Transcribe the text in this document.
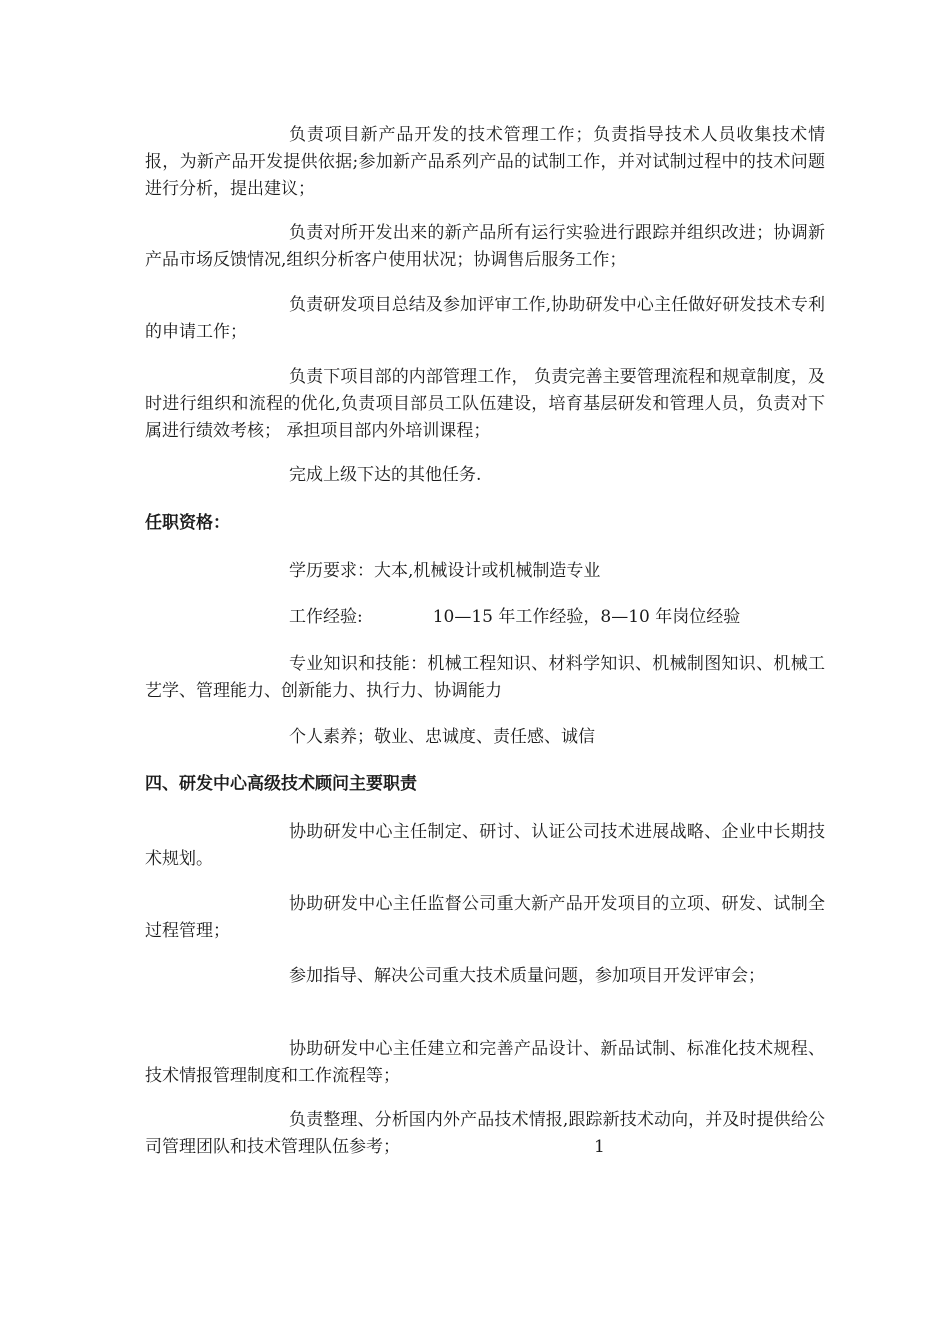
负责项目新产品开发的技术管理工作；负责指导技术人员收集技术情报，为新产品开发提供依据;参加新产品系列产品的试制工作，并对试制过程中的技术问题进行分析，提出建议；

负责对所开发出来的新产品所有运行实验进行跟踪并组织改进；协调新产品市场反馈情况,组织分析客户使用状况；协调售后服务工作；

负责研发项目总结及参加评审工作,协助研发中心主任做好研发技术专利的申请工作；

负责下项目部的内部管理工作， 负责完善主要管理流程和规章制度，及时进行组织和流程的优化,负责项目部员工队伍建设，培育基层研发和管理人员，负责对下属进行绩效考核； 承担项目部内外培训课程；

完成上级下达的其他任务.

任职资格：

学历要求：大本,机械设计或机械制造专业

工作经验:	10—15 年工作经验，8—10 年岗位经验

专业知识和技能：机械工程知识、材料学知识、机械制图知识、机械工艺学、管理能力、创新能力、执行力、协调能力

个人素养；敬业、忠诚度、责任感、诚信

四、研发中心高级技术顾问主要职责

协助研发中心主任制定、研讨、认证公司技术进展战略、企业中长期技术规划。

协助研发中心主任监督公司重大新产品开发项目的立项、研发、试制全过程管理；

参加指导、解决公司重大技术质量问题，参加项目开发评审会；

协助研发中心主任建立和完善产品设计、新品试制、标准化技术规程、技术情报管理制度和工作流程等；

负责整理、分析国内外产品技术情报,跟踪新技术动向，并及时提供给公司管理团队和技术管理队伍参考；	1
